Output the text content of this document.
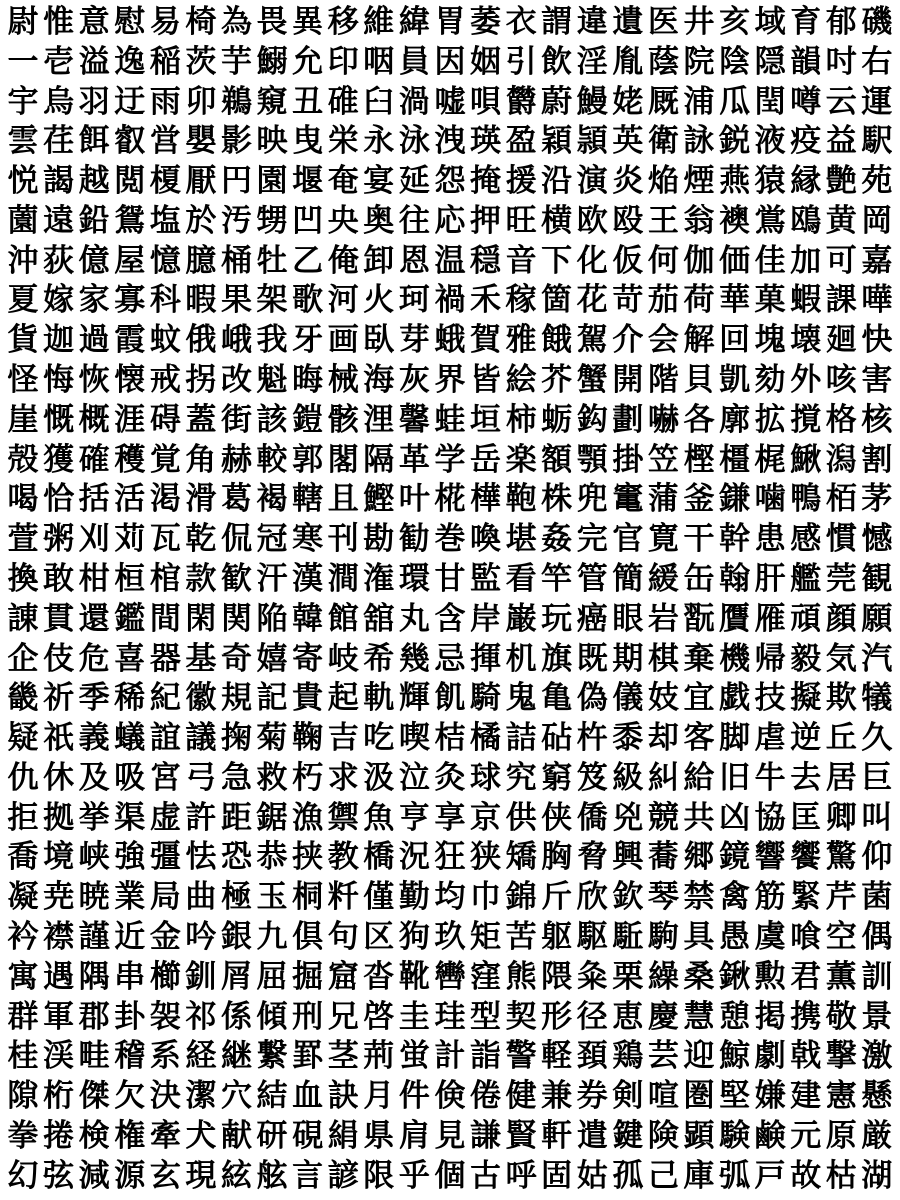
尉 惟 意 慰 易 椅 為 畏 異 移 維 緯 胃 萎 衣 謂 違 遺 医 井 亥 域 育 郁 磯
一 壱 溢 逸 稲 茨 芋 鰯 允 印 咽 員 因 姻 引 飲 淫 胤 蔭 院 陰 隠 韻 吋 右
宇 烏 羽 迂 雨 卯 鵜 窺 丑 碓 臼 渦 嘘 唄 欝 蔚 鰻 姥 厩 浦 瓜 閏 噂 云 運
雲 荏 餌 叡 営 嬰 影 映 曳 栄 永 泳 洩 瑛 盈 穎 頴 英 衛 詠 鋭 液 疫 益 駅
悦 謁 越 閲 榎 厭 円 園 堰 奄 宴 延 怨 掩 援 沿 演 炎 焔 煙 燕 猿 縁 艶 苑
薗 遠 鉛 鴛 塩 於 汚 甥 凹 央 奥 往 応 押 旺 横 欧 殴 王 翁 襖 鴬 鴎 黄 岡
沖 荻 億 屋 憶 臆 桶 牡 乙 俺 卸 恩 温 穏 音 下 化 仮 何 伽 価 佳 加 可 嘉
夏 嫁 家 寡 科 暇 果 架 歌 河 火 珂 禍 禾 稼 箇 花 苛 茄 荷 華 菓 蝦 課 嘩
貨 迦 過 霞 蚊 俄 峨 我 牙 画 臥 芽 蛾 賀 雅 餓 駕 介 会 解 回 塊 壊 廻 快
怪 悔 恢 懐 戒 拐 改 魁 晦 械 海 灰 界 皆 絵 芥 蟹 開 階 貝 凱 劾 外 咳 害
崖 慨 概 涯 碍 蓋 街 該 鎧 骸 浬 馨 蛙 垣 柿 蛎 鈎 劃 嚇 各 廓 拡 撹 格 核
殻 獲 確 穫 覚 角 赫 較 郭 閣 隔 革 学 岳 楽 額 顎 掛 笠 樫 橿 梶 鰍 潟 割
喝 恰 括 活 渇 滑 葛 褐 轄 且 鰹 叶 椛 樺 鞄 株 兜 竃 蒲 釜 鎌 噛 鴨 栢 茅
萱 粥 刈 苅 瓦 乾 侃 冠 寒 刊 勘 勧 巻 喚 堪 姦 完 官 寛 干 幹 患 感 慣 憾
換 敢 柑 桓 棺 款 歓 汗 漢 澗 潅 環 甘 監 看 竿 管 簡 緩 缶 翰 肝 艦 莞 観
諌 貫 還 鑑 間 閑 関 陥 韓 館 舘 丸 含 岸 巌 玩 癌 眼 岩 翫 贋 雁 頑 顔 願
企 伎 危 喜 器 基 奇 嬉 寄 岐 希 幾 忌 揮 机 旗 既 期 棋 棄 機 帰 毅 気 汽
畿 祈 季 稀 紀 徽 規 記 貴 起 軌 輝 飢 騎 鬼 亀 偽 儀 妓 宜 戯 技 擬 欺 犠
疑 祇 義 蟻 誼 議 掬 菊 鞠 吉 吃 喫 桔 橘 詰 砧 杵 黍 却 客 脚 虐 逆 丘 久
仇 休 及 吸 宮 弓 急 救 朽 求 汲 泣 灸 球 究 窮 笈 級 糾 給 旧 牛 去 居 巨
拒 拠 挙 渠 虚 許 距 鋸 漁 禦 魚 亨 享 京 供 侠 僑 兇 競 共 凶 協 匡 卿 叫
喬 境 峡 強 彊 怯 恐 恭 挟 教 橋 況 狂 狭 矯 胸 脅 興 蕎 郷 鏡 響 饗 驚 仰
凝 尭 暁 業 局 曲 極 玉 桐 粁 僅 勤 均 巾 錦 斤 欣 欽 琴 禁 禽 筋 緊 芹 菌
衿 襟 謹 近 金 吟 銀 九 倶 句 区 狗 玖 矩 苦 躯 駆 駈 駒 具 愚 虞 喰 空 偶
寓 遇 隅 串 櫛 釧 屑 屈 掘 窟 沓 靴 轡 窪 熊 隈 粂 栗 繰 桑 鍬 勲 君 薫 訓
群 軍 郡 卦 袈 祁 係 傾 刑 兄 啓 圭 珪 型 契 形 径 恵 慶 慧 憩 掲 携 敬 景
桂 渓 畦 稽 系 経 継 繋 罫 茎 荊 蛍 計 詣 警 軽 頚 鶏 芸 迎 鯨 劇 戟 撃 激
隙 桁 傑 欠 決 潔 穴 結 血 訣 月 件 倹 倦 健 兼 券 剣 喧 圏 堅 嫌 建 憲 懸
拳 捲 検 権 牽 犬 献 研 硯 絹 県 肩 見 謙 賢 軒 遣 鍵 険 顕 験 鹸 元 原 厳
幻 弦 減 源 玄 現 絃 舷 言 諺 限 乎 個 古 呼 固 姑 孤 己 庫 弧 戸 故 枯 湖
